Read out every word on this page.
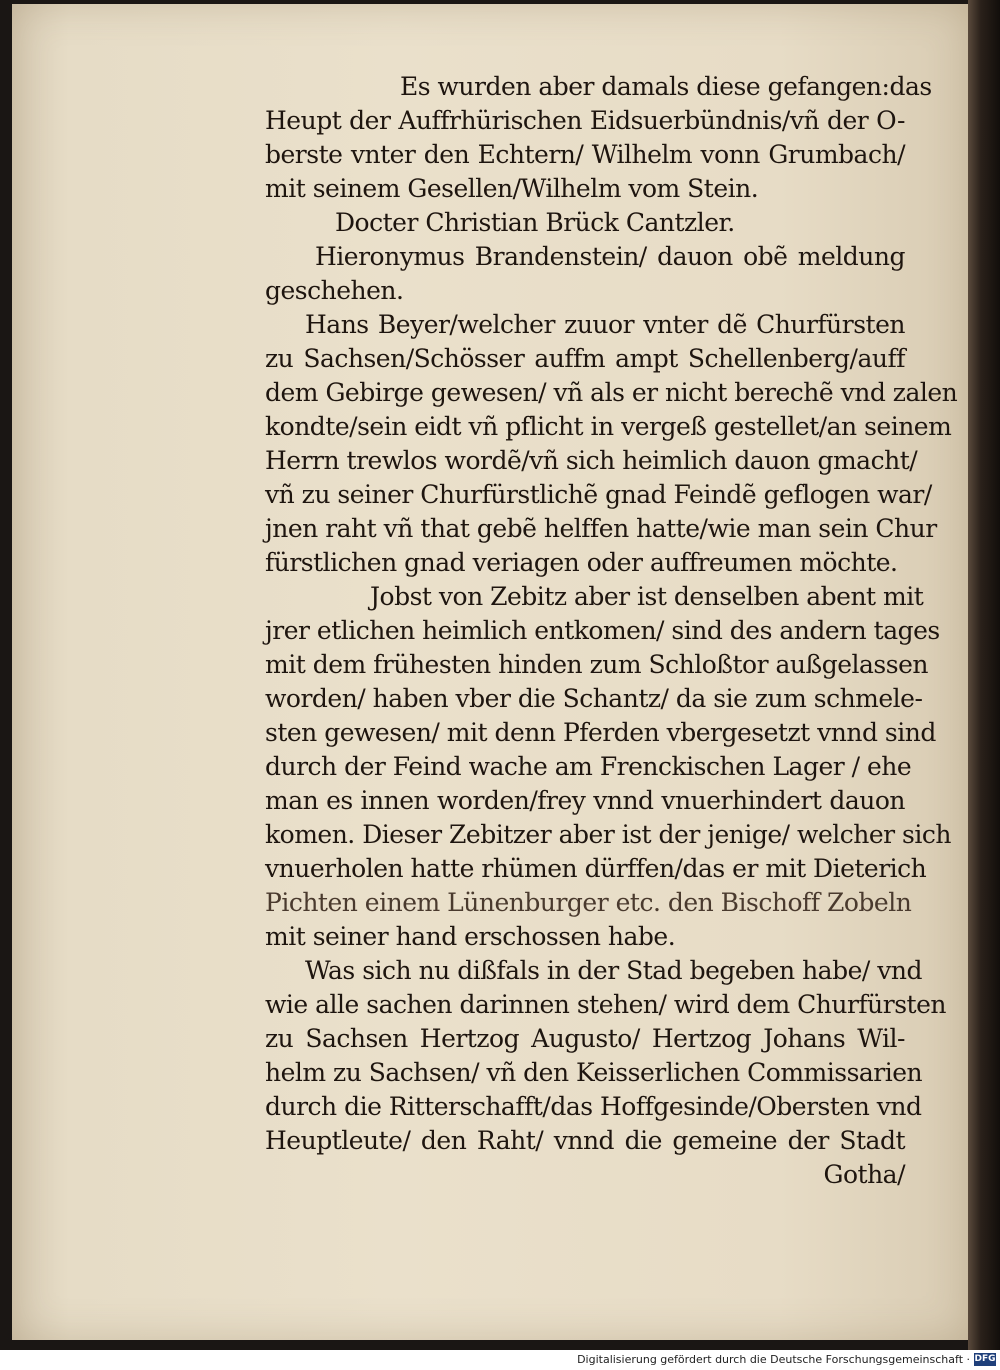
Es wurden aber damals diese gefangen:das
Heupt der Auffrhürischen Eidsuerbündnis/vñ der O-
berste vnter den Echtern/ Wilhelm vonn Grumbach/
mit seinem Gesellen/Wilhelm vom Stein.
Docter Christian Brück Cantzler.
Hieronymus Brandenstein/ dauon obẽ meldung
geschehen.
Hans Beyer/welcher zuuor vnter dẽ Churfürsten
zu Sachsen/Schösser auffm ampt Schellenberg/auff
dem Gebirge gewesen/ vñ als er nicht berechẽ vnd zalen
kondte/sein eidt vñ pflicht in vergeß gestellet/an seinem
Herrn trewlos wordẽ/vñ sich heimlich dauon gmacht/
vñ zu seiner Churfürstlichẽ gnad Feindẽ geflogen war/
jnen raht vñ that gebẽ helffen hatte/wie man sein Chur
fürstlichen gnad veriagen oder auffreumen möchte.
Jobst von Zebitz aber ist denselben abent mit
jrer etlichen heimlich entkomen/ sind des andern tages
mit dem frühesten hinden zum Schloßtor außgelassen
worden/ haben vber die Schantz/ da sie zum schmele-
sten gewesen/ mit denn Pferden vbergesetzt vnnd sind
durch der Feind wache am Frenckischen Lager / ehe
man es innen worden/frey vnnd vnuerhindert dauon
komen. Dieser Zebitzer aber ist der jenige/ welcher sich
vnuerholen hatte rhümen dürffen/das er mit Dieterich
Pichten einem Lünenburger etc. den Bischoff Zobeln
mit seiner hand erschossen habe.
Was sich nu dißfals in der Stad begeben habe/ vnd
wie alle sachen darinnen stehen/ wird dem Churfürsten
zu Sachsen Hertzog Augusto/ Hertzog Johans Wil-
helm zu Sachsen/ vñ den Keisserlichen Commissarien
durch die Ritterschafft/das Hoffgesinde/Obersten vnd
Heuptleute/ den Raht/ vnnd die gemeine der Stadt
Gotha/
Digitalisierung gefördert durch die Deutsche Forschungsgemeinschaft · DFG
